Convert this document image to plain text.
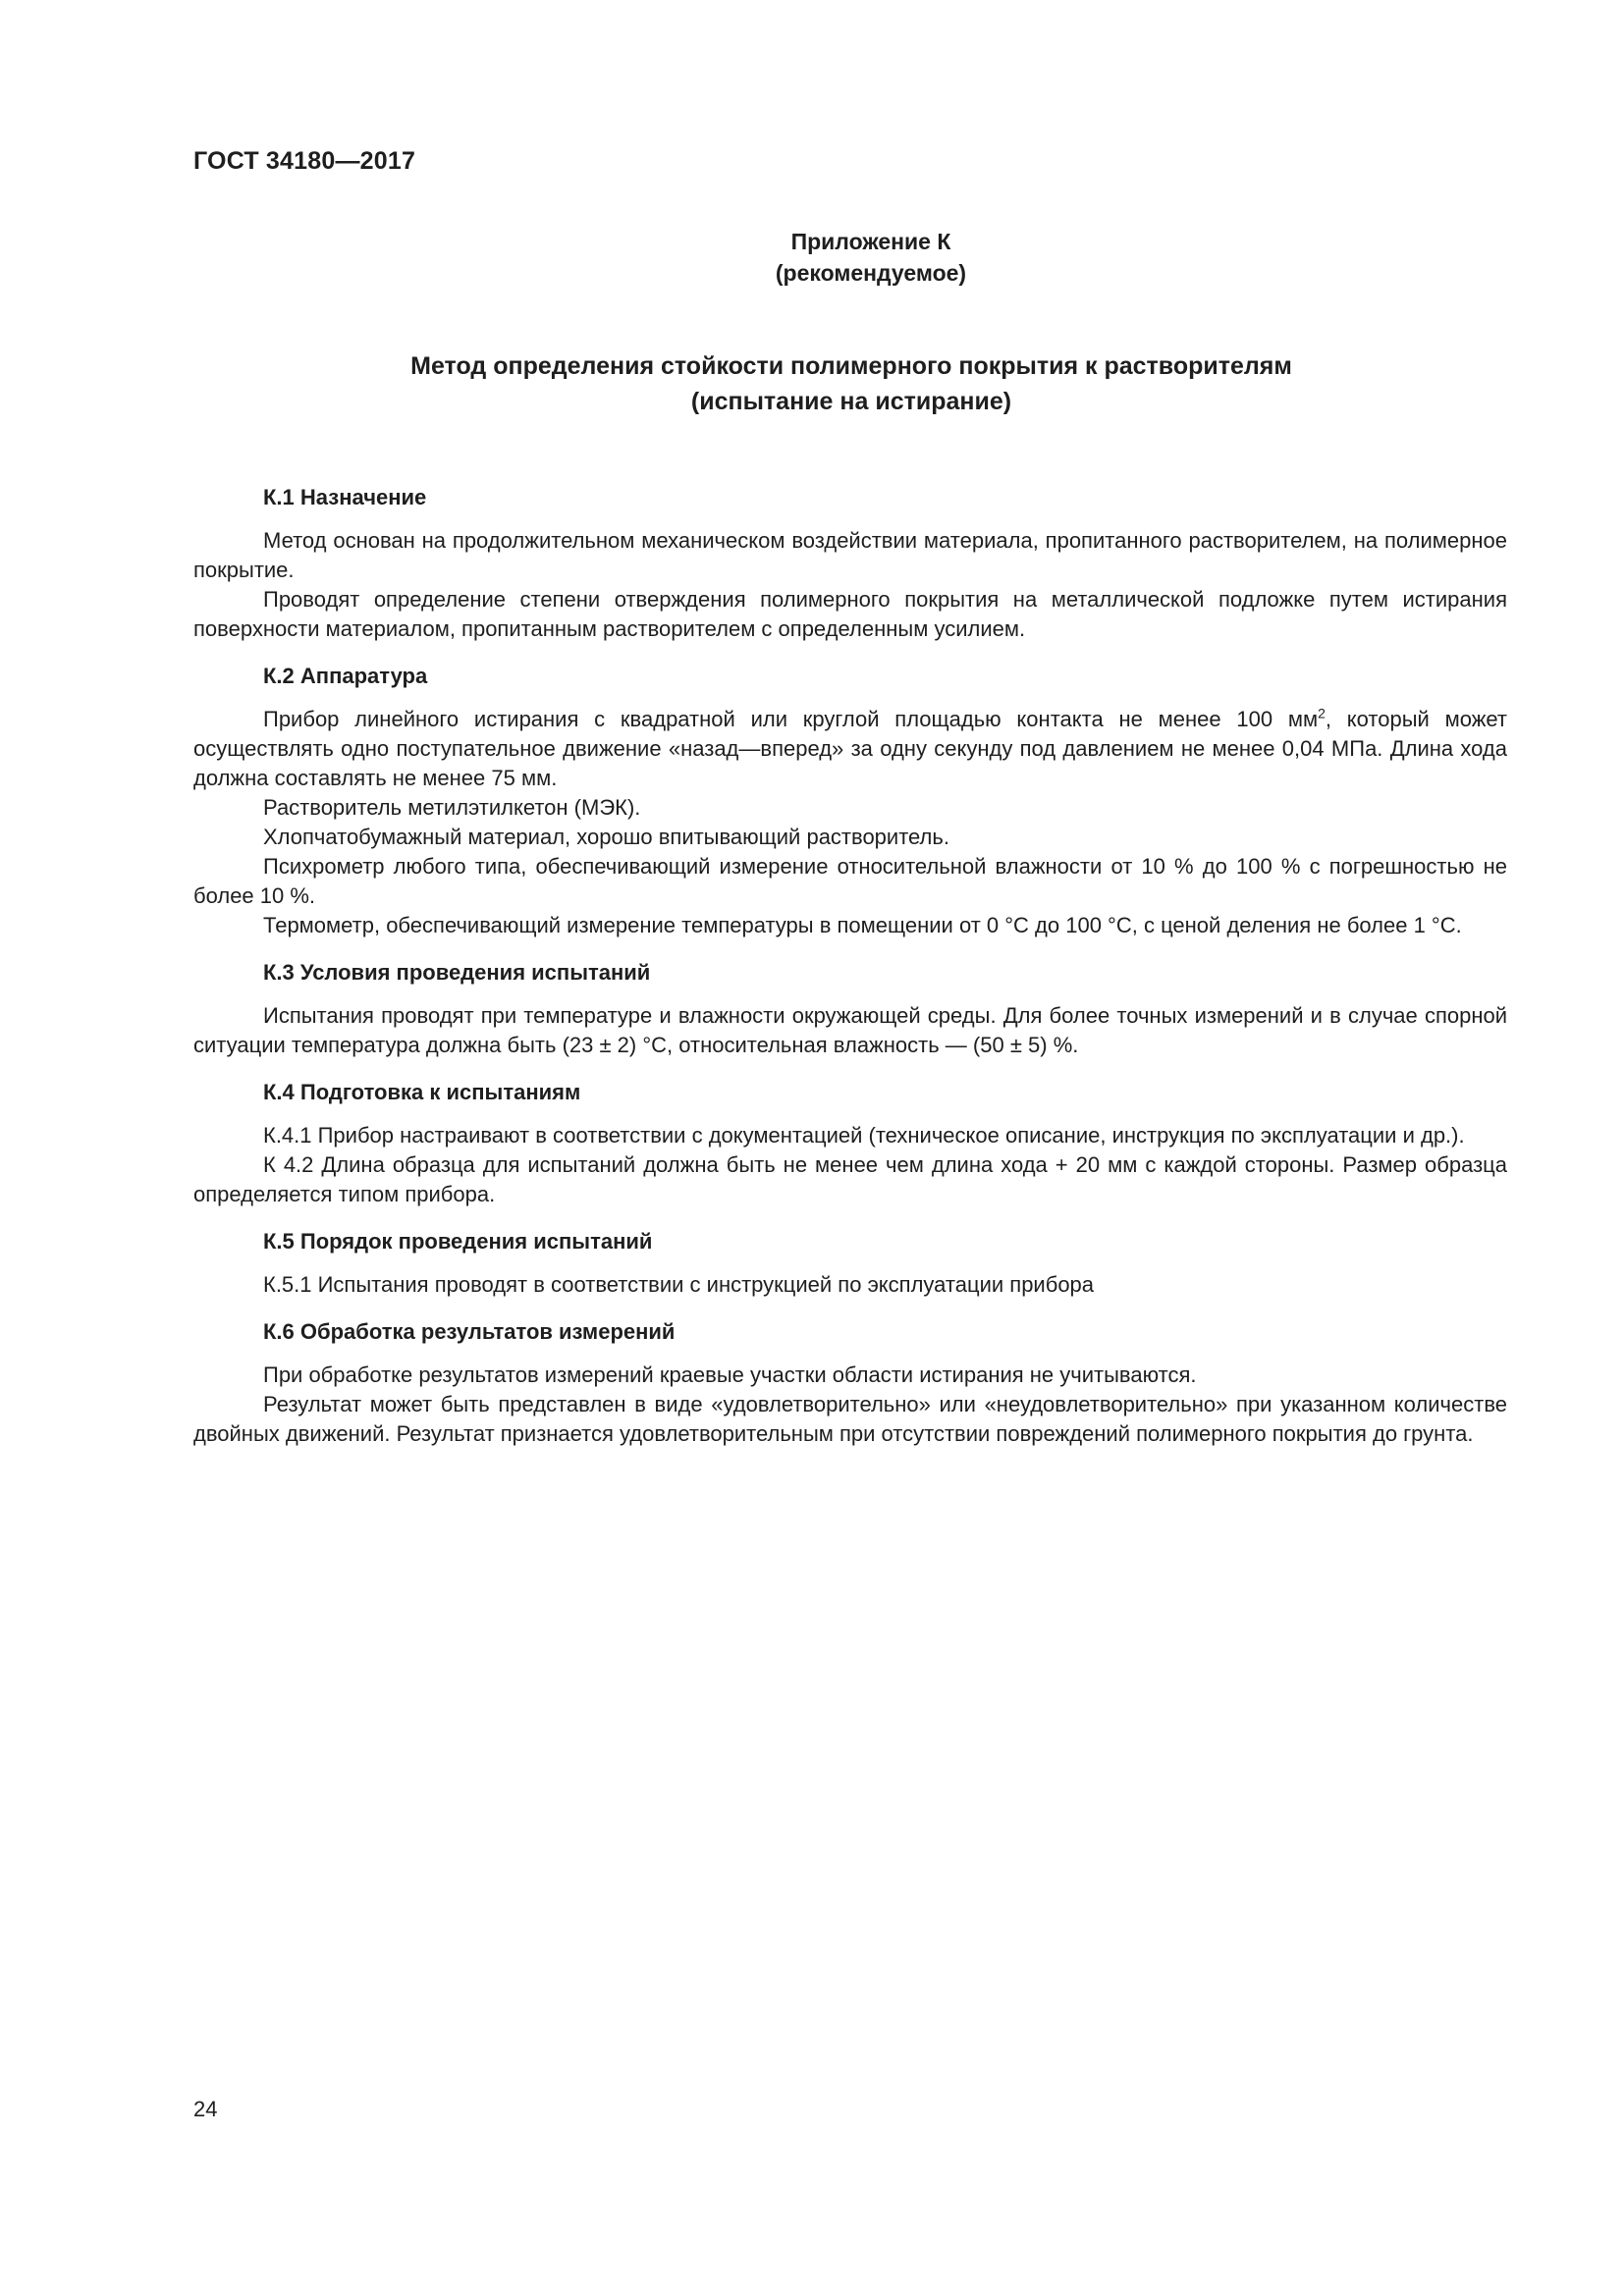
ГОСТ 34180—2017
Приложение К
(рекомендуемое)
Метод определения стойкости полимерного покрытия к растворителям
(испытание на истирание)
К.1 Назначение

Метод основан на продолжительном механическом воздействии материала, пропитанного растворителем, на полимерное покрытие.

Проводят определение степени отверждения полимерного покрытия на металлической подложке путем истирания поверхности материалом, пропитанным растворителем с определенным усилием.

К.2 Аппаратура

Прибор линейного истирания с квадратной или круглой площадью контакта не менее 100 $мм^2$, который может осуществлять одно поступательное движение «назад—вперед» за одну секунду под давлением не менее 0,04 МПа. Длина хода должна составлять не менее 75 мм.

Растворитель метилэтилкетон (МЭК).

Хлопчатобумажный материал, хорошо впитывающий растворитель.

Психрометр любого типа, обеспечивающий измерение относительной влажности от 10 % до 100 % с погрешностью не более 10 %.

Термометр, обеспечивающий измерение температуры в помещении от 0 °С до 100 °С, с ценой деления не более 1 °С.

К.3 Условия проведения испытаний

Испытания проводят при температуре и влажности окружающей среды. Для более точных измерений и в случае спорной ситуации температура должна быть (23 ± 2) °С, относительная влажность — (50 ± 5) %.

К.4 Подготовка к испытаниям

К.4.1 Прибор настраивают в соответствии с документацией (техническое описание, инструкция по эксплуатации и др.).

К 4.2 Длина образца для испытаний должна быть не менее чем длина хода + 20 мм с каждой стороны. Размер образца определяется типом прибора.

К.5 Порядок проведения испытаний

К.5.1 Испытания проводят в соответствии с инструкцией по эксплуатации прибора

К.6 Обработка результатов измерений

При обработке результатов измерений краевые участки области истирания не учитываются.

Результат может быть представлен в виде «удовлетворительно» или «неудовлетворительно» при указанном количестве двойных движений. Результат признается удовлетворительным при отсутствии повреждений полимерного покрытия до грунта.

24
